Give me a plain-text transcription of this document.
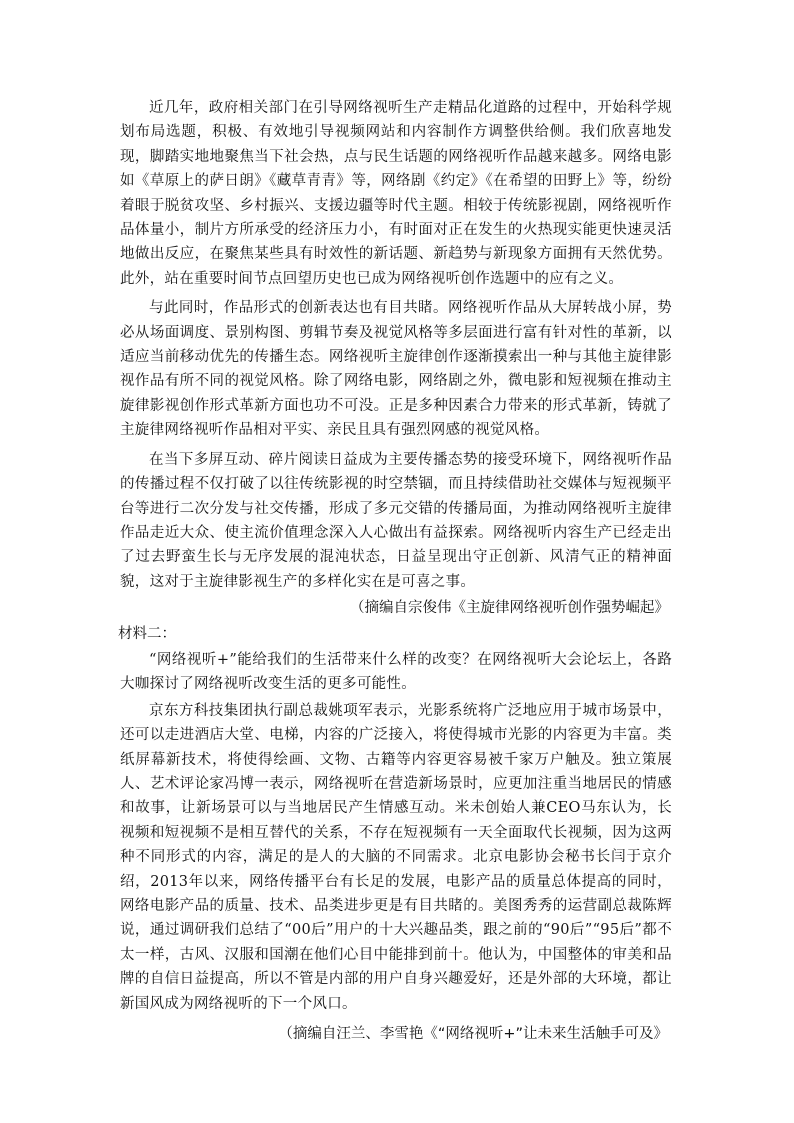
近几年，政府相关部门在引导网络视听生产走精品化道路的过程中，开始科学规划布局选题，积极、有效地引导视频网站和内容制作方调整供给侧。我们欣喜地发现，脚踏实地地聚焦当下社会热，点与民生话题的网络视听作品越来越多。网络电影如《草原上的萨日朗》《藏草青青》等，网络剧《约定》《在希望的田野上》等，纷纷着眼于脱贫攻坚、乡村振兴、支援边疆等时代主题。相较于传统影视剧，网络视听作品体量小，制片方所承受的经济压力小，有时面对正在发生的火热现实能更快速灵活地做出反应，在聚焦某些具有时效性的新话题、新趋势与新现象方面拥有天然优势。此外，站在重要时间节点回望历史也已成为网络视听创作选题中的应有之义。

与此同时，作品形式的创新表达也有目共睹。网络视听作品从大屏转战小屏，势必从场面调度、景别构图、剪辑节奏及视觉风格等多层面进行富有针对性的革新，以适应当前移动优先的传播生态。网络视听主旋律创作逐渐摸索出一种与其他主旋律影视作品有所不同的视觉风格。除了网络电影，网络剧之外，微电影和短视频在推动主旋律影视创作形式革新方面也功不可没。正是多种因素合力带来的形式革新，铸就了主旋律网络视听作品相对平实、亲民且具有强烈网感的视觉风格。

在当下多屏互动、碎片阅读日益成为主要传播态势的接受环境下，网络视听作品的传播过程不仅打破了以往传统影视的时空禁锢，而且持续借助社交媒体与短视频平台等进行二次分发与社交传播，形成了多元交错的传播局面，为推动网络视听主旋律作品走近大众、使主流价值理念深入人心做出有益探索。网络视听内容生产已经走出了过去野蛮生长与无序发展的混沌状态，日益呈现出守正创新、风清气正的精神面貌，这对于主旋律影视生产的多样化实在是可喜之事。

（摘编自宗俊伟《主旋律网络视听创作强势崛起》
材料二：

“网络视听+”能给我们的生活带来什么样的改变？在网络视听大会论坛上，各路大咖探讨了网络视听改变生活的更多可能性。

京东方科技集团执行副总裁姚项军表示，光影系统将广泛地应用于城市场景中，还可以走进酒店大堂、电梯，内容的广泛接入，将使得城市光影的内容更为丰富。类纸屏幕新技术，将使得绘画、文物、古籍等内容更容易被千家万户触及。独立策展人、艺术评论家冯博一表示，网络视听在营造新场景时，应更加注重当地居民的情感和故事，让新场景可以与当地居民产生情感互动。米未创始人兼CEO马东认为，长视频和短视频不是相互替代的关系，不存在短视频有一天全面取代长视频，因为这两种不同形式的内容，满足的是人的大脑的不同需求。北京电影协会秘书长闫于京介绍，2013年以来，网络传播平台有长足的发展，电影产品的质量总体提高的同时，网络电影产品的质量、技术、品类进步更是有目共睹的。美图秀秀的运营副总裁陈辉说，通过调研我们总结了“00后”用户的十大兴趣品类，跟之前的“90后”“95后”都不太一样，古风、汉服和国潮在他们心目中能排到前十。他认为，中国整体的审美和品牌的自信日益提高，所以不管是内部的用户自身兴趣爱好，还是外部的大环境，都让新国风成为网络视听的下一个风口。

（摘编自汪兰、李雪艳《“网络视听+”让未来生活触手可及》
